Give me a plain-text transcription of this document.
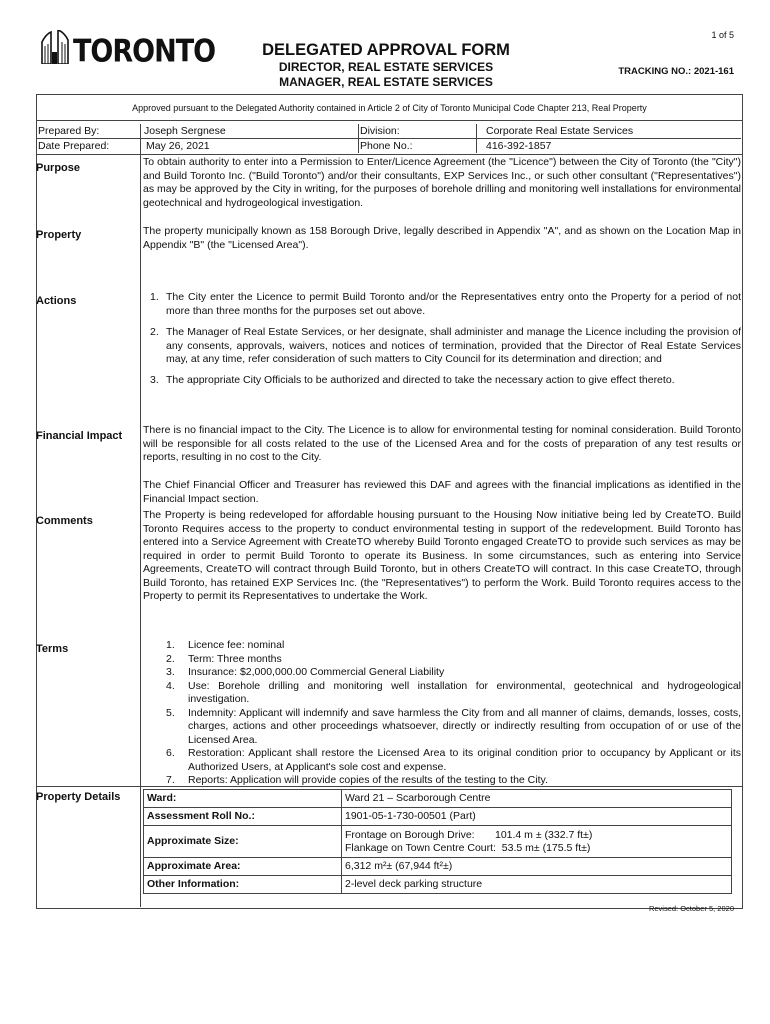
1 of 5
TORONTO	DELEGATED APPROVAL FORM
DIRECTOR, REAL ESTATE SERVICES
MANAGER, REAL ESTATE SERVICES
TRACKING NO.: 2021-161
Approved pursuant to the Delegated Authority contained in Article 2 of City of Toronto Municipal Code Chapter 213, Real Property
Prepared By:	Joseph Sergnese	Division:	Corporate Real Estate Services
Date Prepared:	May 26, 2021	Phone No.:	416-392-1857
Purpose	To obtain authority to enter into a Permission to Enter/Licence Agreement (the "Licence") between the City of Toronto (the "City") and Build Toronto Inc. ("Build Toronto") and/or their consultants, EXP Services Inc., or such other consultant ("Representatives") as may be approved by the City in writing, for the purposes of borehole drilling and monitoring well installations for environmental geotechnical and hydrogeological investigation.
Property	The property municipally known as 158 Borough Drive, legally described in Appendix "A", and as shown on the Location Map in Appendix "B" (the "Licensed Area").
Actions	1. The City enter the Licence to permit Build Toronto and/or the Representatives entry onto the Property for a period of not more than three months for the purposes set out above.
2. The Manager of Real Estate Services, or her designate, shall administer and manage the Licence including the provision of any consents, approvals, waivers, notices and notices of termination, provided that the Director of Real Estate Services may, at any time, refer consideration of such matters to City Council for its determination and direction; and
3. The appropriate City Officials to be authorized and directed to take the necessary action to give effect thereto.
Financial Impact There is no financial impact to the City. The Licence is to allow for environmental testing for nominal consideration. Build Toronto will be responsible for all costs related to the use of the Licensed Area and for the costs of preparation of any test results or reports, resulting in no cost to the City.
The Chief Financial Officer and Treasurer has reviewed this DAF and agrees with the financial implications as identified in the Financial Impact section.
Comments	The Property is being redeveloped for affordable housing pursuant to the Housing Now initiative being led by CreateTO. Build Toronto Requires access to the property to conduct environmental testing in support of the redevelopment. Build Toronto has entered into a Service Agreement with CreateTO whereby Build Toronto engaged CreateTO to provide such services as may be required in order to permit Build Toronto to operate its Business. In some circumstances, such as entering into Service Agreements, CreateTO will contract through Build Toronto, but in others CreateTO will contract. In this case CreateTO, through Build Toronto, has retained EXP Services Inc. (the "Representatives") to perform the Work. Build Toronto requires access to the Property to permit its Representatives to undertake the Work.
Terms	1.	Licence fee: nominal
2.	Term: Three months
3.	Insurance: $2,000,000.00 Commercial General Liability
4.	Use: Borehole drilling and monitoring well installation for environmental, geotechnical and hydrogeological investigation.
5.	Indemnity: Applicant will indemnify and save harmless the City from and all manner of claims, demands, losses, costs, charges, actions and other proceedings whatsoever, directly or indirectly resulting from occupation of or use of the Licensed Area.
6.	Restoration: Applicant shall restore the Licensed Area to its original condition prior to occupancy by Applicant or its Authorized Users, at Applicant's sole cost and expense.
7.	Reports: Application will provide copies of the results of the testing to the City.
Property Details	Ward:	Ward 21 – Scarborough Centre
Assessment Roll No.:	1901-05-1-730-00501 (Part)
Approximate Size:	Frontage on Borough Drive:       101.4 m ± (332.7 ft±)
Flankage on Town Centre Court:  53.5 m± (175.5 ft±)

Approximate Area:	6,312 m²± (67,944 ft²±)
Other Information:	2-level deck parking structure
Revised: October 5, 2020
